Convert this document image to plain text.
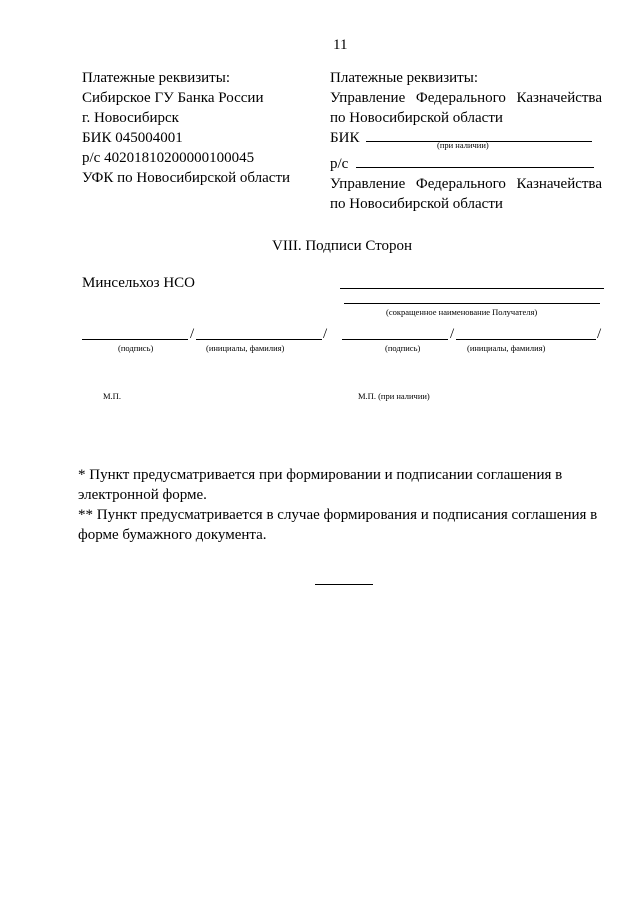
11
Платежные реквизиты:
Сибирское ГУ Банка России
г. Новосибирск
БИК 045004001
р/с 40201810200000100045
УФК по Новосибирской области
Платежные реквизиты:
Управление Федерального Казначейства
по Новосибирской области
БИК	(при наличии)
р/с
Управление Федерального Казначейства
по Новосибирской области
VIII. Подписи Сторон
Минсельхоз НСО
(сокращенное наименование Получателя)
/	/	/	/
(подпись)	(инициалы, фамилия)	(подпись)	(инициалы, фамилия)
М.П.	М.П. (при наличии)
* Пункт предусматривается при формировании и подписании соглашения в
электронной форме.
** Пункт предусматривается в случае формирования и подписания соглашения в
форме бумажного документа.
